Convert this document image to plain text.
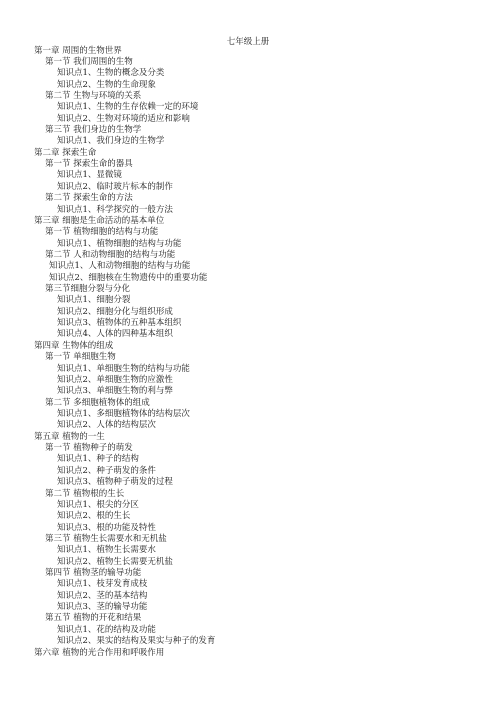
七年级上册
第一章 周围的生物世界
第一节 我们周围的生物
知识点1、生物的概念及分类
知识点2、生物的生命现象
第二节 生物与环境的关系
知识点1、生物的生存依赖一定的环境
知识点2、生物对环境的适应和影响
第三节 我们身边的生物学
知识点1、我们身边的生物学
第二章 探索生命
第一节 探索生命的器具
知识点1、显微镜
知识点2、临时玻片标本的制作
第二节 探索生命的方法
知识点1、科学探究的一般方法
第三章 细胞是生命活动的基本单位
第一节 植物细胞的结构与功能
知识点1、植物细胞的结构与功能
第二节 人和动物细胞的结构与功能
知识点1、人和动物细胞的结构与功能
知识点2、细胞核在生物遗传中的重要功能
第三节细胞分裂与分化
知识点1、细胞分裂
知识点2、细胞分化与组织形成
知识点3、植物体的五种基本组织
知识点4、人体的四种基本组织
第四章 生物体的组成
第一节 单细胞生物
知识点1、单细胞生物的结构与功能
知识点2、单细胞生物的应激性
知识点3、单细胞生物的利与弊
第二节 多细胞植物体的组成
知识点1、多细胞植物体的结构层次
知识点2、人体的结构层次
第五章 植物的一生
第一节 植物种子的萌发
知识点1、种子的结构
知识点2、种子萌发的条件
知识点3、植物种子萌发的过程
第二节 植物根的生长
知识点1、根尖的分区
知识点2、根的生长
知识点3、根的功能及特性
第三节 植物生长需要水和无机盐
知识点1、植物生长需要水
知识点2、植物生长需要无机盐
第四节 植物茎的输导功能
知识点1、枝芽发育成枝
知识点2、茎的基本结构
知识点3、茎的输导功能
第五节 植物的开花和结果
知识点1、花的结构及功能
知识点2、果实的结构及果实与种子的发育
第六章 植物的光合作用和呼吸作用
